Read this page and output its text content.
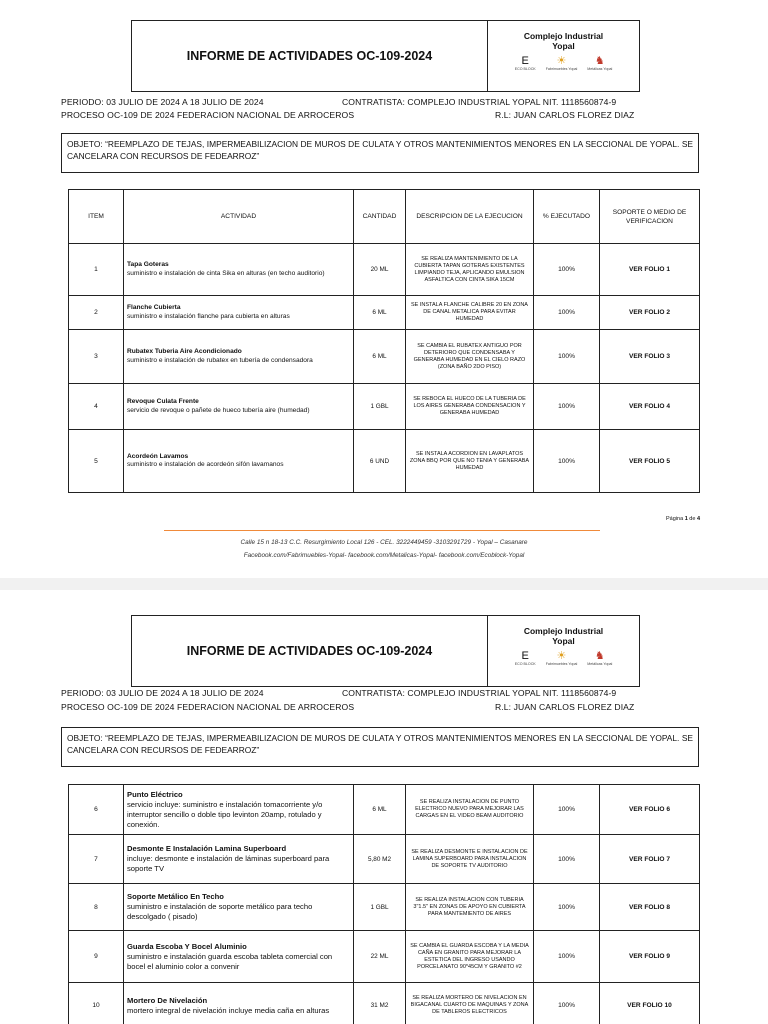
INFORME DE ACTIVIDADES OC-109-2024
Complejo Industrial
Yopal
E
ECO BLOCK
☀
Fabrimuebles Yopal
♞
Metálicas Yopal
PERIODO: 03 JULIO DE 2024 A 18 JULIO DE 2024	CONTRATISTA: COMPLEJO INDUSTRIAL YOPAL NIT. 1118560874-9
PROCESO OC-109 DE 2024 FEDERACION NACIONAL DE ARROCEROS	R.L: JUAN CARLOS FLOREZ DIAZ
OBJETO: “REEMPLAZO DE TEJAS, IMPERMEABILIZACION DE MUROS DE CULATA Y OTROS MANTENIMIENTOS MENORES EN LA SECCIONAL DE YOPAL. SE CANCELARA CON RECURSOS DE FEDEARROZ”
ITEM	ACTIVIDAD	CANTIDAD	DESCRIPCION DE LA EJECUCION	% EJECUTADO	SOPORTE O MEDIO DE VERIFICACION
1	Tapa Goteras
suministro e instalación de cinta Sika en alturas (en techo auditorio)	20 ML	SE REALIZA MANTENIMIENTO DE LA CUBIERTA TAPAN GOTERAS EXISTENTES LIMPIANDO TEJA, APLICANDO EMULSION ASFALTICA CON CINTA SIKA 15CM	100%	VER FOLIO 1
2	Flanche Cubierta
suministro e instalación flanche para cubierta en alturas	6 ML	SE INSTALA FLANCHE CALIBRE 20 EN ZONA DE CANAL METALICA PARA EVITAR HUMEDAD	100%	VER FOLIO 2
3	Rubatex Tuberia Aire Acondicionado
suministro e instalación de rubatex en tubería de condensadora	6 ML	SE CAMBIA EL RUBATEX ANTIGUO POR DETERIORO QUE CONDENSABA Y GENERABA HUMEDAD EN EL CIELO RAZO (ZONA BAÑO 2DO PISO)	100%	VER FOLIO 3
4	Revoque Culata Frente
servicio de revoque o pañete de hueco tubería aire (humedad)	1 GBL	SE REBOCA EL HUECO DE LA TUBERIA DE LOS AIRES GENERABA CONDENSACION Y GENERABA HUMEDAD	100%	VER FOLIO 4
5	Acordeón Lavamos
suministro e instalación de acordeón sifón lavamanos	6 UND	SE INSTALA ACORDION EN LAVAPLATOS ZONA BBQ POR QUE NO TENIA Y GENERABA HUMEDAD	100%	VER FOLIO 5
Página 1 de 4
Calle 15 n 18-13 C.C. Resurgimiento Local 126 - CEL. 3222449459 -3103291729 - Yopal – Casanare
Facebook.com/Fabrimuebles-Yopal- facebook.com/Metalicas-Yopal- facebook.com/Ecoblock-Yopal
INFORME DE ACTIVIDADES OC-109-2024
Complejo Industrial
Yopal
E
ECO BLOCK
☀
Fabrimuebles Yopal
♞
Metálicas Yopal
PERIODO: 03 JULIO DE 2024 A 18 JULIO DE 2024	CONTRATISTA: COMPLEJO INDUSTRIAL YOPAL NIT. 1118560874-9
PROCESO OC-109 DE 2024 FEDERACION NACIONAL DE ARROCEROS	R.L: JUAN CARLOS FLOREZ DIAZ
OBJETO: “REEMPLAZO DE TEJAS, IMPERMEABILIZACION DE MUROS DE CULATA Y OTROS MANTENIMIENTOS MENORES EN LA SECCIONAL DE YOPAL. SE CANCELARA CON RECURSOS DE FEDEARROZ”
6	Punto Eléctrico
servicio incluye: suministro e instalación tomacorriente y/o interruptor sencillo o doble tipo levinton 20amp, rotulado y conexión.	6 ML	SE REALIZA INSTALACION DE PUNTO ELECTRICO NUEVO PARA MEJORAR LAS CARGAS EN EL VIDEO BEAM AUDITORIO	100%	VER FOLIO 6
7	Desmonte E Instalación Lamina Superboard
incluye: desmonte e instalación de láminas superboard para soporte TV	5,80 M2	SE REALIZA DESMONTE E INSTALACION DE LAMINA SUPERBOARD PARA INSTALACION DE SOPORTE TV AUDITORIO	100%	VER FOLIO 7
8	Soporte Metálico En Techo
suministro e instalación de soporte metálico para techo descolgado ( pisado)	1 GBL	SE REALIZA INSTALACION CON TUBERIA 3"1.5" EN ZONAS DE APOYO EN CUBIERTA PARA MANTEMIENTO DE AIRES	100%	VER FOLIO 8
9	Guarda Escoba Y Bocel Aluminio
suministro e instalación guarda escoba tableta comercial con bocel el aluminio color a convenir	22 ML	SE CAMBIA EL GUARDA ESCOBA Y LA MEDIA CAÑA EN GRANITO PARA MEJORAR LA ESTETICA DEL INGRESO USANDO PORCELANATO 90*45CM Y GRANITO #2	100%	VER FOLIO 9
10	Mortero De Nivelación
mortero integral de nivelación incluye media caña en alturas	31 M2	SE REALIZA MORTERO DE NIVELACION EN BIGACANAL CUARTO DE MAQUINAS Y ZONA DE TABLEROS ELECTRICOS	100%	VER FOLIO 10
